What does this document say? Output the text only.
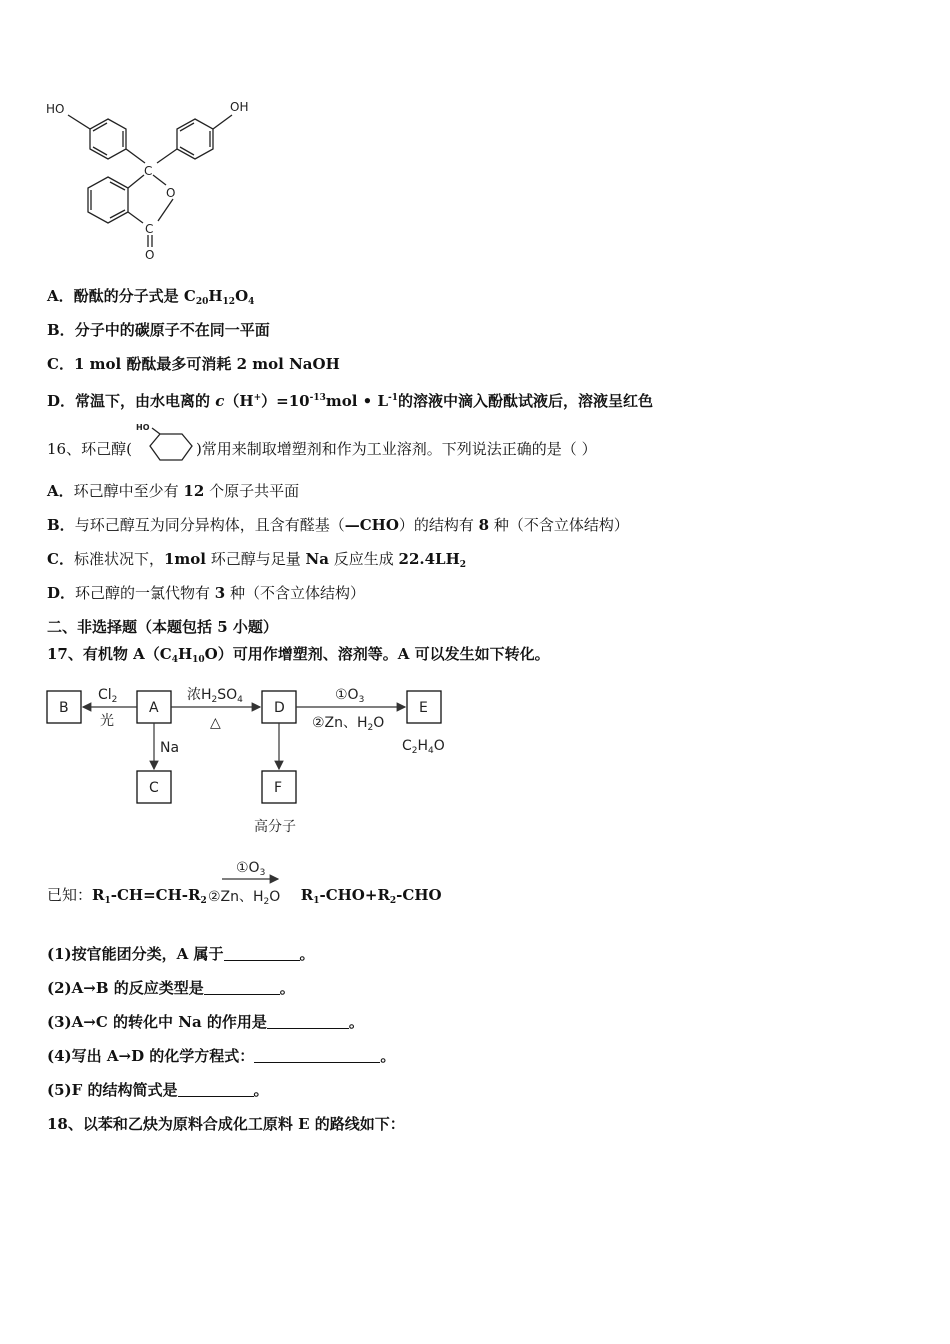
HO	OH
C
O
C
O
A．酚酞的分子式是 $C_{20}H_{12}O_4$
B．分子中的碳原子不在同一平面
C．1 mol 酚酞最多可消耗 2 mol NaOH
D．常温下，由水电离的 $c(H^+)=10^{-13}mol$ • $L^{-1}$的溶液中滴入酚酞试液后，溶液呈红色
16、环己醇(	)常用来制取增塑剂和作为工业溶剂。下列说法正确的是（ ）
HO
A．环己醇中至少有 12 个原子共平面
B．与环己醇互为同分异构体，且含有醛基（—CHO）的结构有 8 种（不含立体结构）
C．标准状况下，1mol 环己醇与足量 Na 反应生成 $22.4LH_2$
D．环己醇的一氯代物有 3 种（不含立体结构）
二、非选择题（本题包括 5 小题）
17、有机物 $A(C_4H_{10}O)$可用作增塑剂、溶剂等。A 可以发生如下转化。
B	A	D	E
C	F
$Cl_2$
光
浓$H_2SO_4$
△
$①O_3$
②Zn、$H_2O$
Na	$C_2H_4O$
高分子
已知：$R_1-CH=CH-R_2$	$R_1-CHO+R_2$-CHO
$①O_3$
②Zn、$H_2O$
(1)按官能团分类，A 属于	。
(2)A→B 的反应类型是	。
(3)A→C 的转化中 Na 的作用是	。
(4)写出 A→D 的化学方程式：	。
(5)F 的结构简式是	。
18、以苯和乙炔为原料合成化工原料 E 的路线如下：
